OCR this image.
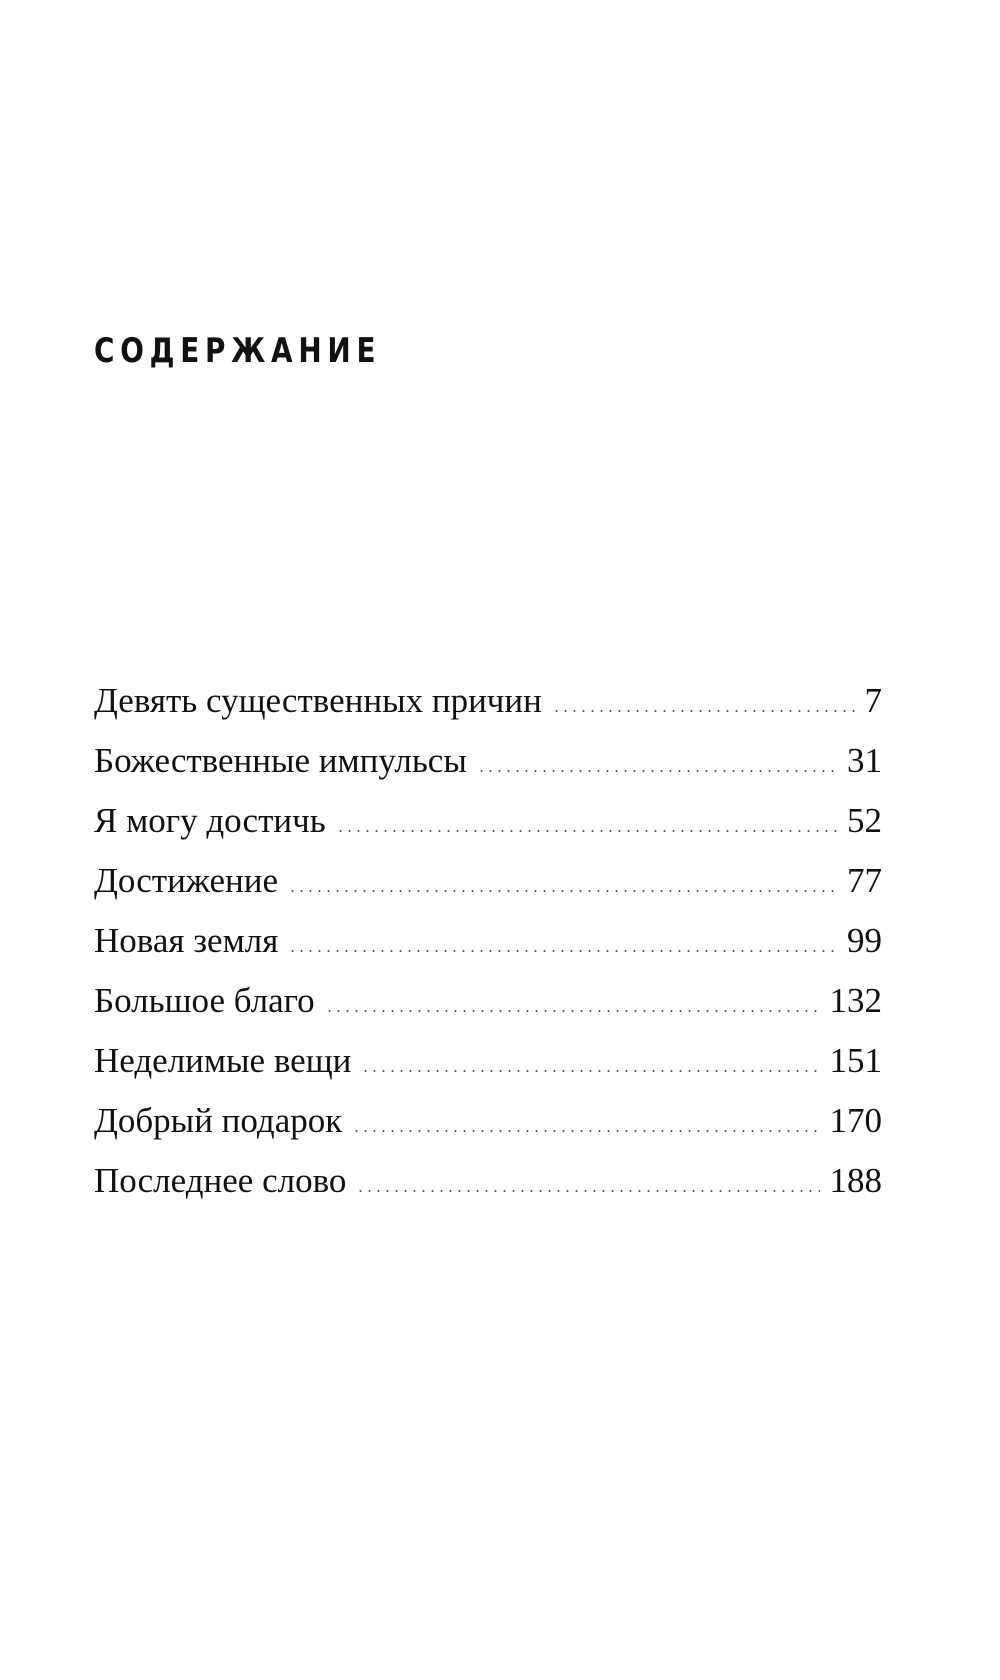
СОДЕРЖАНИЕ
Девять существенных причин	7
Божественные импульсы	31
Я могу достичь	52
Достижение	77
Новая земля	99
Большое благо	132
Неделимые вещи	151
Добрый подарок	170
Последнее слово	188
